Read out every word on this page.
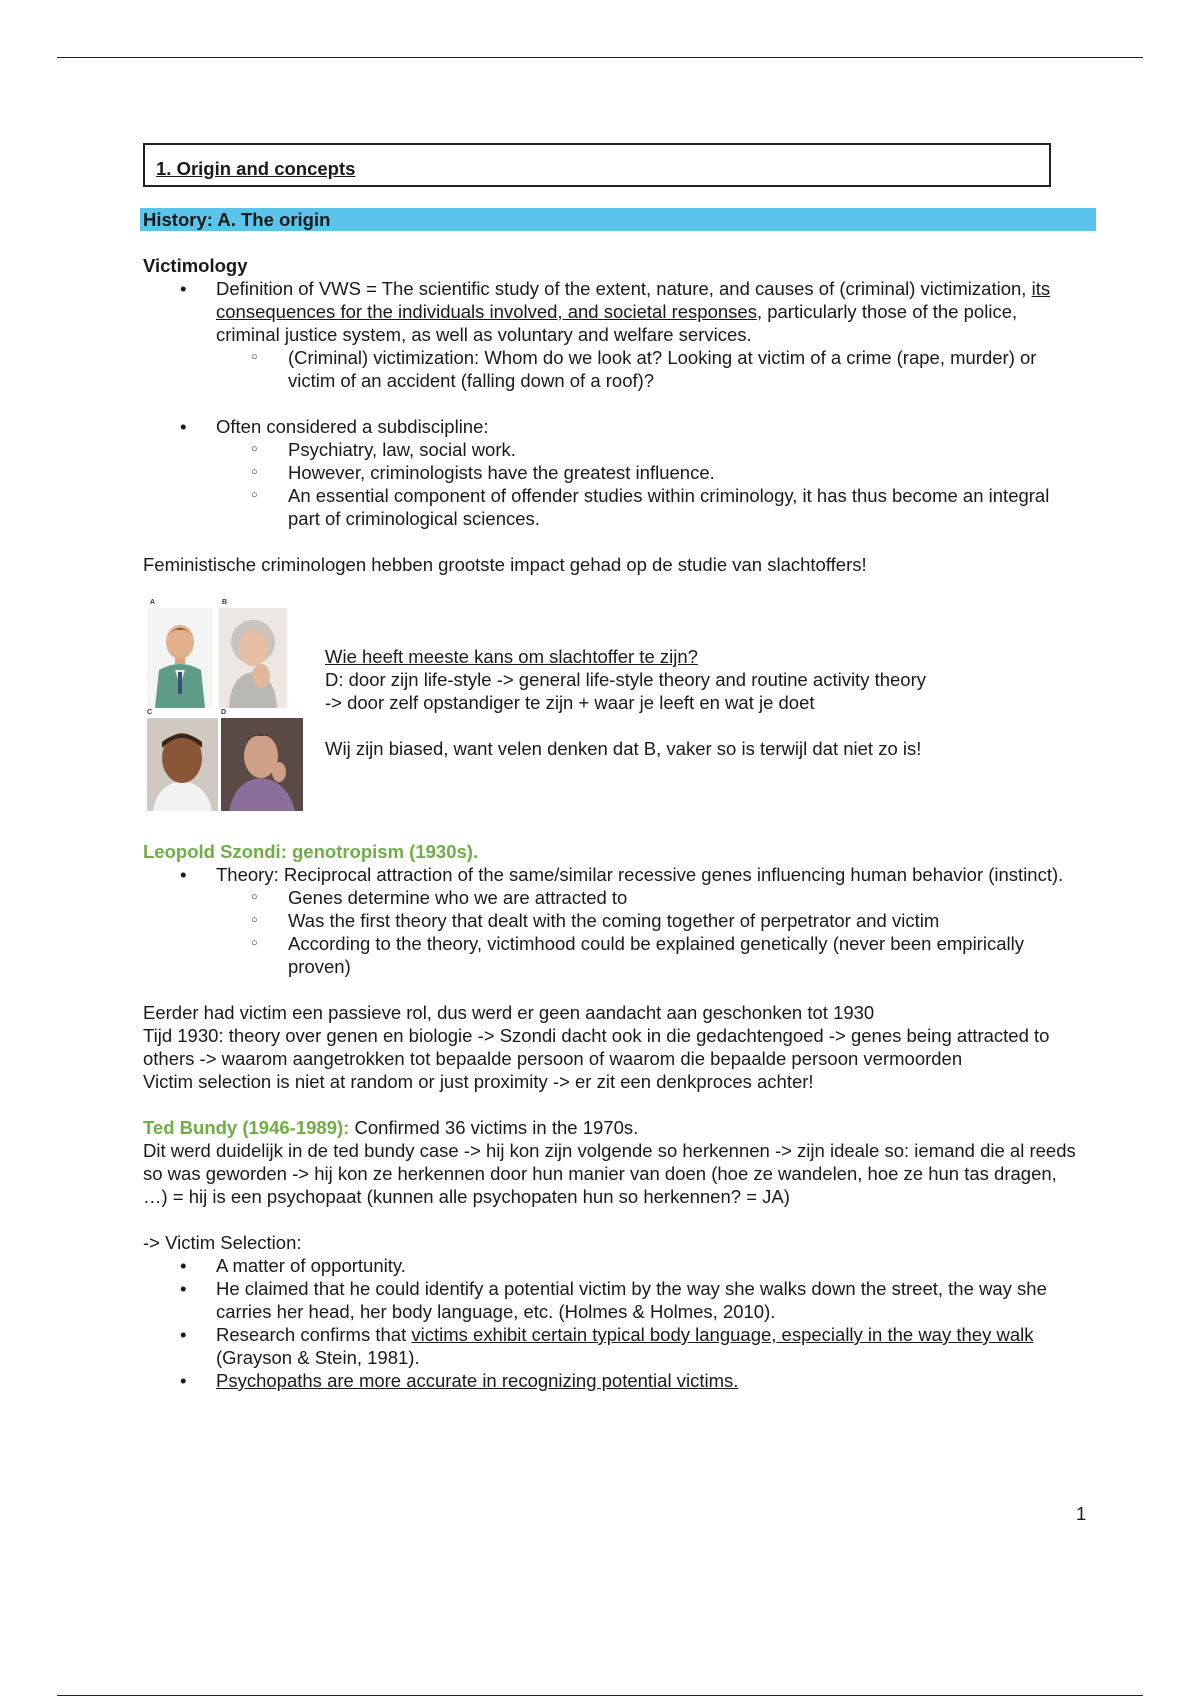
1. Origin and concepts
History: A. The origin
Victimology
• Definition of VWS = The scientific study of the extent, nature, and causes of (criminal) victimization, its consequences for the individuals involved, and societal responses, particularly those of the police, criminal justice system, as well as voluntary and welfare services.
○ (Criminal) victimization: Whom do we look at? Looking at victim of a crime (rape, murder) or victim of an accident (falling down of a roof)?
• Often considered a subdiscipline:
○ Psychiatry, law, social work.
○ However, criminologists have the greatest influence.
○ An essential component of offender studies within criminology, it has thus become an integral part of criminological sciences.

Feministische criminologen hebben grootste impact gehad op de studie van slachtoffers!

A	B
C	D

Wie heeft meeste kans om slachtoffer te zijn?

D: door zijn life-style -> general life-style theory and routine activity theory

-> door zelf opstandiger te zijn + waar je leeft en wat je doet

Wij zijn biased, want velen denken dat B, vaker so is terwijl dat niet zo is!

Leopold Szondi: genotropism (1930s).
• Theory: Reciprocal attraction of the same/similar recessive genes influencing human behavior (instinct).
○ Genes determine who we are attracted to
○ Was the first theory that dealt with the coming together of perpetrator and victim
○ According to the theory, victimhood could be explained genetically (never been empirically proven)

Eerder had victim een passieve rol, dus werd er geen aandacht aan geschonken tot 1930

Tijd 1930: theory over genen en biologie -> Szondi dacht ook in die gedachtengoed -> genes being attracted to others -> waarom aangetrokken tot bepaalde persoon of waarom die bepaalde persoon vermoorden

Victim selection is niet at random or just proximity -> er zit een denkproces achter!

Ted Bundy (1946-1989): Confirmed 36 victims in the 1970s.

Dit werd duidelijk in de ted bundy case -> hij kon zijn volgende so herkennen -> zijn ideale so: iemand die al reeds so was geworden -> hij kon ze herkennen door hun manier van doen (hoe ze wandelen, hoe ze hun tas dragen, …) = hij is een psychopaat (kunnen alle psychopaten hun so herkennen? = JA)

-> Victim Selection:

• A matter of opportunity.
• He claimed that he could identify a potential victim by the way she walks down the street, the way she carries her head, her body language, etc. (Holmes & Holmes, 2010).
• Research confirms that victims exhibit certain typical body language, especially in the way they walk (Grayson & Stein, 1981).
• Psychopaths are more accurate in recognizing potential victims.
1
